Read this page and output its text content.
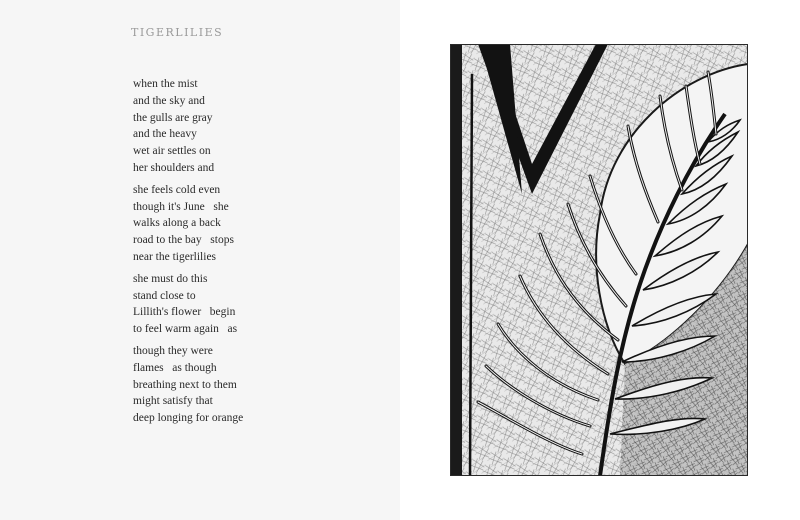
TIGERLILIES

when the mist
and the sky and
the gulls are gray
and the heavy
wet air settles on
her shoulders and

she feels cold even
though it's June   she
walks along a back
road to the bay   stops
near the tigerlilies

she must do this
stand close to
Lillith's flower   begin
to feel warm again   as

though they were
flames   as though
breathing next to them
might satisfy that
deep longing for orange
